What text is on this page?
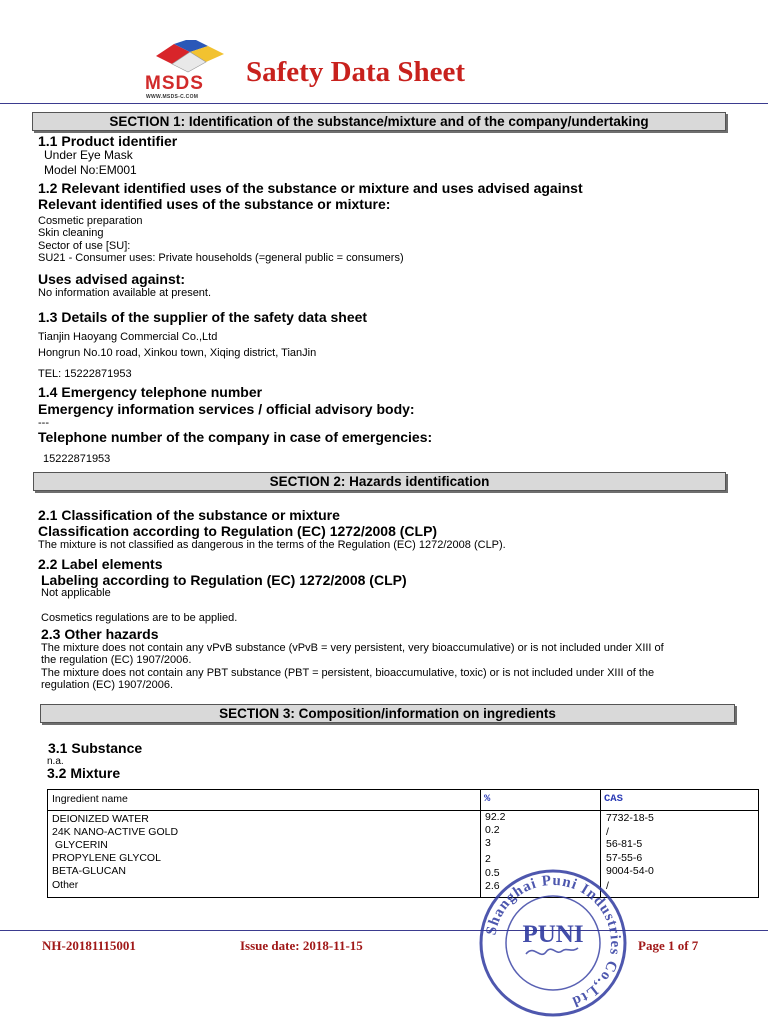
MSDS
WWW.MSDS-C.COM
Safety Data Sheet
SECTION 1: Identification of the substance/mixture and of the company/undertaking
1.1 Product identifier
Under Eye Mask
Model No:EM001
1.2 Relevant identified uses of the substance or mixture and uses advised against
Relevant identified uses of the substance or mixture:
Cosmetic preparation
Skin cleaning
Sector of use [SU]:
SU21 - Consumer uses: Private households (=general public = consumers)
Uses advised against:
No information available at present.
1.3 Details of the supplier of the safety data sheet
Tianjin Haoyang Commercial Co.,Ltd
Hongrun No.10 road, Xinkou town, Xiqing district, TianJin
TEL: 15222871953
1.4 Emergency telephone number
Emergency information services / official advisory body:
---
Telephone number of the company in case of emergencies:
15222871953
SECTION 2: Hazards identification
2.1 Classification of the substance or mixture
Classification according to Regulation (EC) 1272/2008 (CLP)
The mixture is not classified as dangerous in the terms of the Regulation (EC) 1272/2008 (CLP).
2.2 Label elements
Labeling according to Regulation (EC) 1272/2008 (CLP)
Not applicable
Cosmetics regulations are to be applied.
2.3 Other hazards
The mixture does not contain any vPvB substance (vPvB = very persistent, very bioaccumulative) or is not included under XIII of
the regulation (EC) 1907/2006.
The mixture does not contain any PBT substance (PBT = persistent, bioaccumulative, toxic) or is not included under XIII of the
regulation (EC) 1907/2006.
SECTION 3: Composition/information on ingredients
3.1 Substance
n.a.
3.2 Mixture
Ingredient name	%	CAS
DEIONIZED WATER	92.2	7732-18-5
24K NANO-ACTIVE GOLD	0.2	/
GLYCERIN	3	56-81-5
PROPYLENE GLYCOL	2	57-55-6
BETA-GLUCAN	0.5	9004-54-0
Other	2.6	/
NH-20181115001	Issue date: 2018-11-15	Page 1 of 7
Shanghai Puni Industries Co.,Ltd
PUNI
